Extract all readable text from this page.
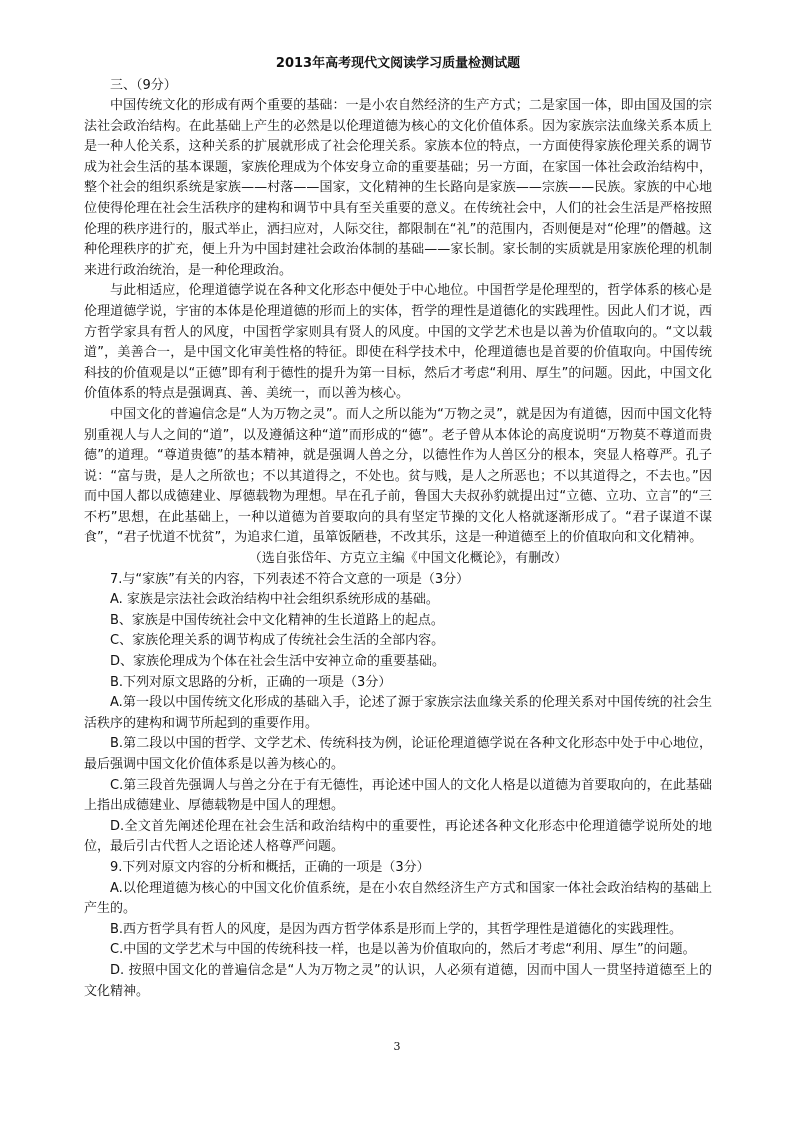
2013年高考现代文阅读学习质量检测试题
三、（9分）

中国传统文化的形成有两个重要的基础：一是小农自然经济的生产方式；二是家国一体，即由国及国的宗法社会政治结构。在此基础上产生的必然是以伦理道德为核心的文化价值体系。因为家族宗法血缘关系本质上是一种人伦关系，这种关系的扩展就形成了社会伦理关系。家族本位的特点，一方面使得家族伦理关系的调节成为社会生活的基本课题，家族伦理成为个体安身立命的重要基础；另一方面，在家国一体社会政治结构中，整个社会的组织系统是家族——村落——国家，文化精神的生长路向是家族——宗族——民族。家族的中心地位使得伦理在社会生活秩序的建构和调节中具有至关重要的意义。在传统社会中，人们的社会生活是严格按照伦理的秩序进行的，服式举止，洒扫应对，人际交往，都限制在“礼”的范围内，否则便是对“伦理”的僭越。这种伦理秩序的扩充，便上升为中国封建社会政治体制的基础——家长制。家长制的实质就是用家族伦理的机制来进行政治统治，是一种伦理政治。

与此相适应，伦理道德学说在各种文化形态中便处于中心地位。中国哲学是伦理型的，哲学体系的核心是伦理道德学说，宇宙的本体是伦理道德的形而上的实体，哲学的理性是道德化的实践理性。因此人们才说，西方哲学家具有哲人的风度，中国哲学家则具有贤人的风度。中国的文学艺术也是以善为价值取向的。“文以载道”，美善合一，是中国文化审美性格的特征。即使在科学技术中，伦理道德也是首要的价值取向。中国传统科技的价值观是以“正德”即有利于德性的提升为第一目标，然后才考虑“利用、厚生”的问题。因此，中国文化价值体系的特点是强调真、善、美统一，而以善为核心。

中国文化的普遍信念是“人为万物之灵”。而人之所以能为“万物之灵”，就是因为有道德，因而中国文化特别重视人与人之间的“道”，以及遵循这种“道”而形成的“德”。老子曾从本体论的高度说明“万物莫不尊道而贵德”的道理。“尊道贵德”的基本精神，就是强调人兽之分，以德性作为人兽区分的根本，突显人格尊严。孔子说：“富与贵，是人之所欲也；不以其道得之，不处也。贫与贱，是人之所恶也；不以其道得之，不去也。”因而中国人都以成德建业、厚德载物为理想。早在孔子前，鲁国大夫叔孙豹就提出过“立德、立功、立言”的“三不朽”思想，在此基础上，一种以道德为首要取向的具有坚定节操的文化人格就逐渐形成了。“君子谋道不谋食”，“君子忧道不忧贫”，为追求仁道，虽箪饭陋巷，不改其乐，这是一种道德至上的价值取向和文化精神。

（选自张岱年、方克立主编《中国文化概论》，有删改）

7.与“家族”有关的内容，下列表述不符合文意的一项是（3分）

A. 家族是宗法社会政治结构中社会组织系统形成的基础。

B、家族是中国传统社会中文化精神的生长道路上的起点。

C、家族伦理关系的调节构成了传统社会生活的全部内容。

D、家族伦理成为个体在社会生活中安神立命的重要基础。

B.下列对原文思路的分析，正确的一项是（3分）

A.第一段以中国传统文化形成的基础入手，论述了源于家族宗法血缘关系的伦理关系对中国传统的社会生活秩序的建构和调节所起到的重要作用。

B.第二段以中国的哲学、文学艺术、传统科技为例，论证伦理道德学说在各种文化形态中处于中心地位，最后强调中国文化价值体系是以善为核心的。

C.第三段首先强调人与兽之分在于有无德性，再论述中国人的文化人格是以道德为首要取向的，在此基础上指出成德建业、厚德载物是中国人的理想。

D.全文首先阐述伦理在社会生活和政治结构中的重要性，再论述各种文化形态中伦理道德学说所处的地位，最后引古代哲人之语论述人格尊严问题。

9.下列对原文内容的分析和概括，正确的一项是（3分）

A.以伦理道德为核心的中国文化价值系统，是在小农自然经济生产方式和国家一体社会政治结构的基础上产生的。

B.西方哲学具有哲人的风度，是因为西方哲学体系是形而上学的，其哲学理性是道德化的实践理性。

C.中国的文学艺术与中国的传统科技一样，也是以善为价值取向的，然后才考虑“利用、厚生”的问题。

D. 按照中国文化的普遍信念是“人为万物之灵”的认识，人必须有道德，因而中国人一贯坚持道德至上的文化精神。

3
